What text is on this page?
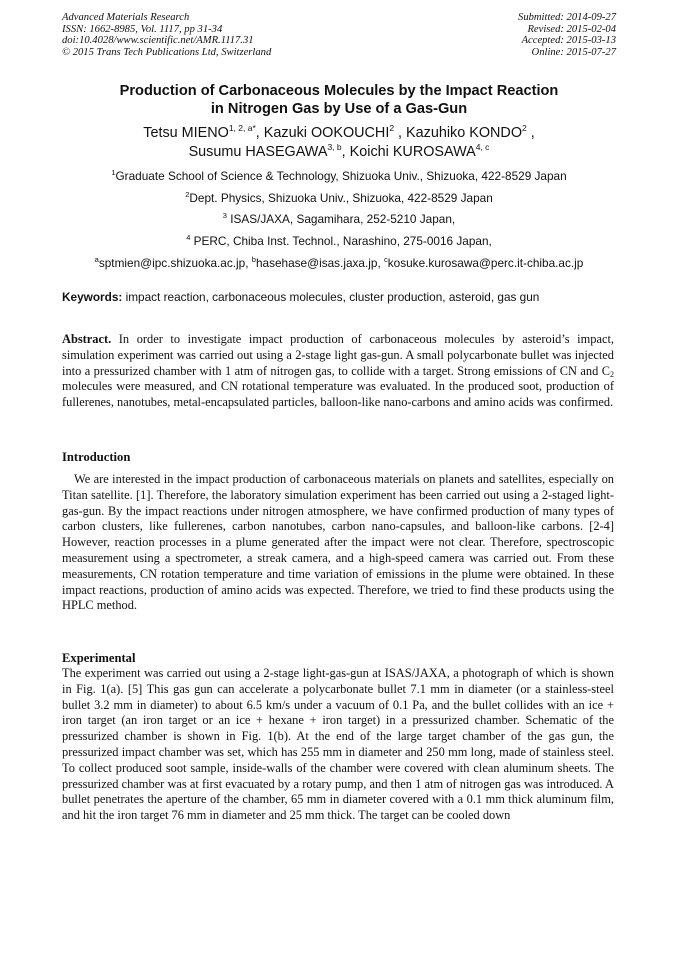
Advanced Materials Research
ISSN: 1662-8985, Vol. 1117, pp 31-34
doi:10.4028/www.scientific.net/AMR.1117.31
© 2015 Trans Tech Publications Ltd, Switzerland
Submitted: 2014-09-27
Revised: 2015-02-04
Accepted: 2015-03-13
Online: 2015-07-27
Production of Carbonaceous Molecules by the Impact Reaction
in Nitrogen Gas by Use of a Gas-Gun
Tetsu $MIENO^{1, 2, a*}$, Kazuki OOKOUCHI$^2$ , Kazuhiko KONDO$^2$ ,
Susumu HASEGAWA$^{3, b}$, Koichi KUROSAWA$^{4, c}$
$^1$Graduate School of Science & Technology, Shizuoka Univ., Shizuoka, 422-8529 Japan
$^2$Dept. Physics, Shizuoka Univ., Shizuoka, 422-8529 Japan
$^3$ ISAS/JAXA, Sagamihara, 252-5210 Japan,
$^4$ PERC, Chiba Inst. Technol., Narashino, 275-0016 Japan,
$^a$sptmien@ipc.shizuoka.ac.jp, $^b$hasehase@isas.jaxa.jp, $^c$kosuke.kurosawa@perc.it-chiba.ac.jp
Keywords: impact reaction, carbonaceous molecules, cluster production, asteroid, gas gun
Abstract. In order to investigate impact production of carbonaceous molecules by asteroid’s impact, simulation experiment was carried out using a 2-stage light gas-gun. A small polycarbonate bullet was injected into a pressurized chamber with 1 atm of nitrogen gas, to collide with a target. Strong emissions of CN and $C_2$ molecules were measured, and CN rotational temperature was evaluated. In the produced soot, production of fullerenes, nanotubes, metal-encapsulated particles, balloon-like nano-carbons and amino acids was confirmed.
Introduction
We are interested in the impact production of carbonaceous materials on planets and satellites, especially on Titan satellite. [1]. Therefore, the laboratory simulation experiment has been carried out using a 2-staged light-gas-gun. By the impact reactions under nitrogen atmosphere, we have confirmed production of many types of carbon clusters, like fullerenes, carbon nanotubes, carbon nano-capsules, and balloon-like carbons. [2-4] However, reaction processes in a plume generated after the impact were not clear. Therefore, spectroscopic measurement using a spectrometer, a streak camera, and a high-speed camera was carried out. From these measurements, CN rotation temperature and time variation of emissions in the plume were obtained. In these impact reactions, production of amino acids was expected. Therefore, we tried to find these products using the HPLC method.
Experimental
The experiment was carried out using a 2-stage light-gas-gun at ISAS/JAXA, a photograph of which is shown in Fig. 1(a). [5] This gas gun can accelerate a polycarbonate bullet 7.1 mm in diameter (or a stainless-steel bullet 3.2 mm in diameter) to about 6.5 km/s under a vacuum of 0.1 Pa, and the bullet collides with an ice + iron target (an iron target or an ice + hexane + iron target) in a pressurized chamber. Schematic of the pressurized chamber is shown in Fig. 1(b). At the end of the large target chamber of the gas gun, the pressurized impact chamber was set, which has 255 mm in diameter and 250 mm long, made of stainless steel. To collect produced soot sample, inside-walls of the chamber were covered with clean aluminum sheets. The pressurized chamber was at first evacuated by a rotary pump, and then 1 atm of nitrogen gas was introduced. A bullet penetrates the aperture of the chamber, 65 mm in diameter covered with a 0.1 mm thick aluminum film, and hit the iron target 76 mm in diameter and 25 mm thick. The target can be cooled down
